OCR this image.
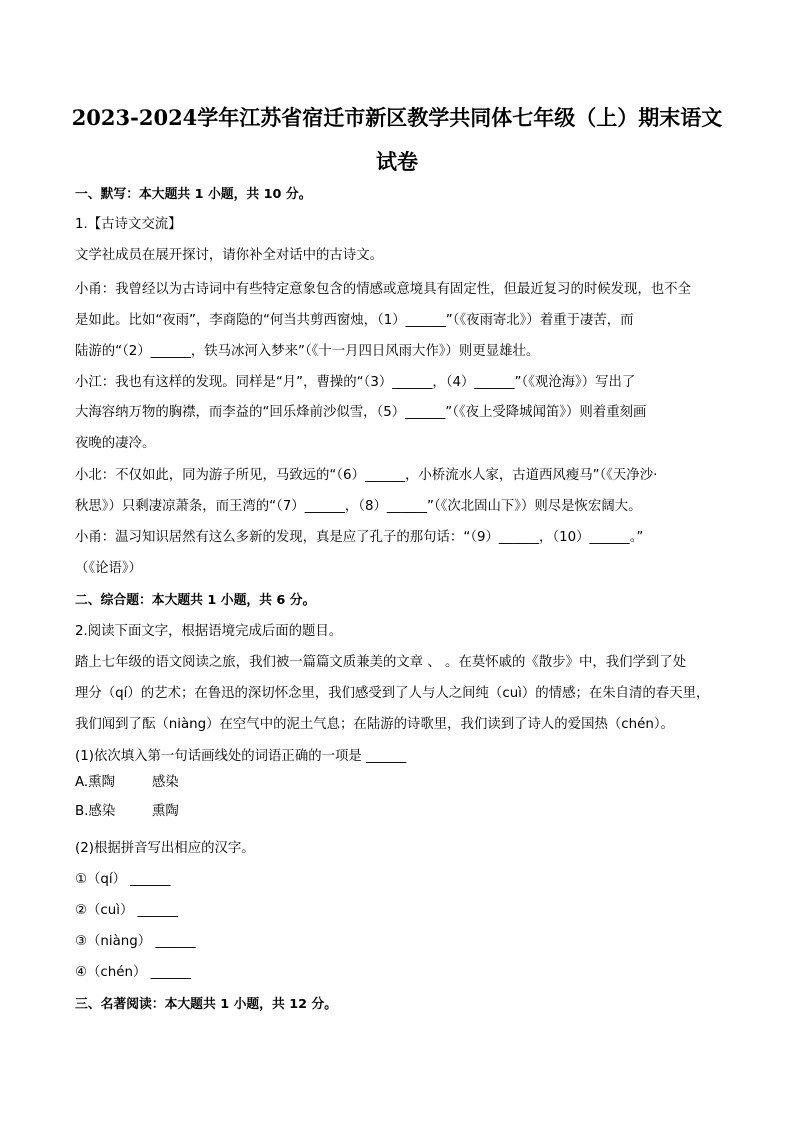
2023-2024学年江苏省宿迁市新区教学共同体七年级（上）期末语文
试卷
一、默写：本大题共 1 小题，共 10 分。
1.【古诗文交流】
文学社成员在展开探讨，请你补全对话中的古诗文。
小甬：我曾经以为古诗词中有些特定意象包含的情感或意境具有固定性，但最近复习的时候发现，也不全
是如此。比如“夜雨”，李商隐的“何当共剪西窗烛，（1）______”（《夜雨寄北》）着重于凄苦，而
陆游的“（2）______，铁马冰河入梦来”（《十一月四日风雨大作》）则更显雄壮。
小江：我也有这样的发现。同样是“月”，曹操的“（3）______，（4）______”（《观沧海》）写出了
大海容纳万物的胸襟，而李益的“回乐烽前沙似雪，（5）______”（《夜上受降城闻笛》）则着重刻画
夜晚的凄冷。
小北：不仅如此，同为游子所见，马致远的“（6）______，小桥流水人家，古道西风瘦马”（《天净沙·
秋思》）只剩凄凉萧条，而王湾的“（7）______，（8）______”（《次北固山下》）则尽是恢宏阔大。
小甬：温习知识居然有这么多新的发现，真是应了孔子的那句话：“（9）______，（10）______。”
（《论语》）
二、综合题：本大题共 1 小题，共 6 分。
2.阅读下面文字，根据语境完成后面的题目。
踏上七年级的语文阅读之旅，我们被一篇篇文质兼美的文章 、 。在莫怀戚的《散步》中，我们学到了处
理分（qí）的艺术；在鲁迅的深切怀念里，我们感受到了人与人之间纯（cuì）的情感；在朱自清的春天里，
我们闻到了酝（niàng）在空气中的泥土气息；在陆游的诗歌里，我们读到了诗人的爱国热（chén）。
(1)依次填入第一句话画线处的词语正确的一项是 ______
A.熏陶	感染
B.感染	熏陶
(2)根据拼音写出相应的汉字。
①（qí） ______
②（cuì） ______
③（niàng） ______
④（chén） ______
三、名著阅读：本大题共 1 小题，共 12 分。
